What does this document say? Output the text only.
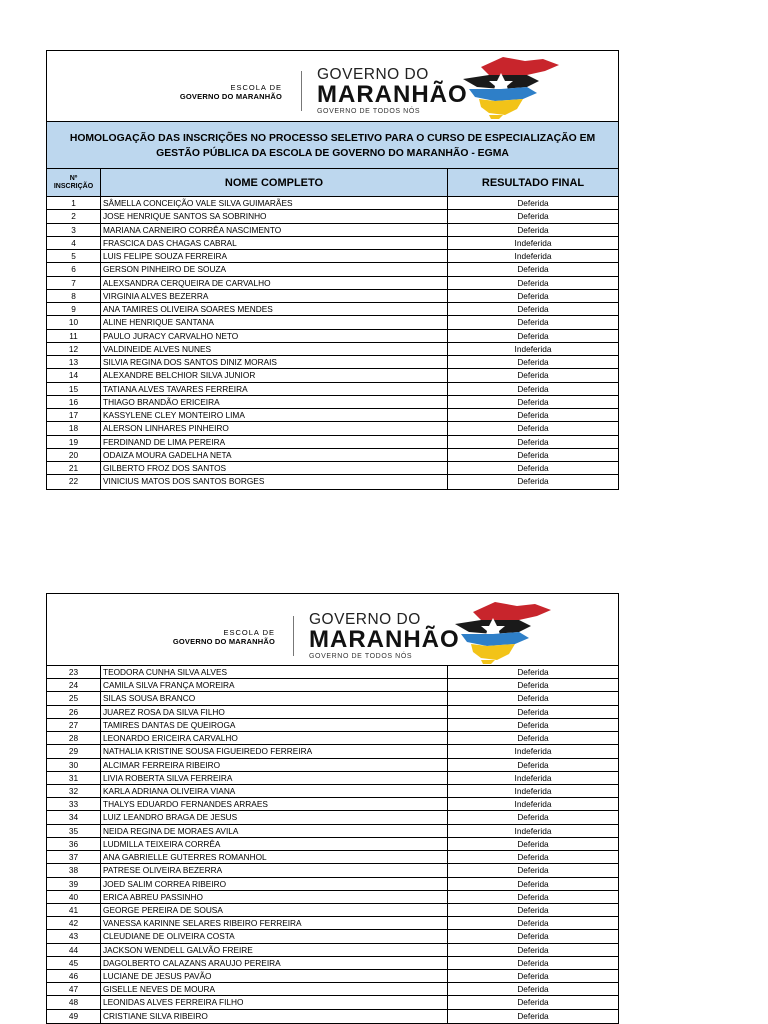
ESCOLA DE
GOVERNO DO MARANHÃO
GOVERNO DO
MARANHÃO
GOVERNO DE TODOS NÓS
HOMOLOGAÇÃO DAS INSCRIÇÕES NO PROCESSO SELETIVO PARA O CURSO DE ESPECIALIZAÇÃO EM
GESTÃO PÚBLICA DA ESCOLA DE GOVERNO DO MARANHÃO - EGMA
Nº
INSCRIÇÃO	NOME COMPLETO	RESULTADO FINAL
1	SÂMELLA CONCEIÇÃO VALE SILVA GUIMARÃES	Deferida
2	JOSE HENRIQUE SANTOS SA SOBRINHO	Deferida
3	MARIANA CARNEIRO CORRÊA NASCIMENTO	Deferida
4	FRASCICA DAS CHAGAS CABRAL	Indeferida
5	LUIS FELIPE SOUZA FERREIRA	Indeferida
6	GERSON PINHEIRO DE SOUZA	Deferida
7	ALEXSANDRA CERQUEIRA DE CARVALHO	Deferida
8	VIRGINIA ALVES BEZERRA	Deferida
9	ANA TAMIRES OLIVEIRA SOARES MENDES	Deferida
10	ALINE HENRIQUE SANTANA	Deferida
11	PAULO JURACY CARVALHO NETO	Deferida
12	VALDINEIDE ALVES NUNES	Indeferida
13	SILVIA REGINA DOS SANTOS DINIZ MORAIS	Deferida
14	ALEXANDRE BELCHIOR SILVA JUNIOR	Deferida
15	TATIANA ALVES TAVARES FERREIRA	Deferida
16	THIAGO BRANDÃO ERICEIRA	Deferida
17	KASSYLENE CLEY MONTEIRO LIMA	Deferida
18	ALERSON LINHARES PINHEIRO	Deferida
19	FERDINAND DE LIMA PEREIRA	Deferida
20	ODAIZA MOURA GADELHA NETA	Deferida
21	GILBERTO FROZ DOS SANTOS	Deferida
22	VINICIUS MATOS DOS SANTOS BORGES	Deferida
ESCOLA DE
GOVERNO DO MARANHÃO
GOVERNO DO
MARANHÃO
GOVERNO DE TODOS NÓS
23	TEODORA CUNHA SILVA ALVES	Deferida
24	CAMILA SILVA FRANÇA MOREIRA	Deferida
25	SILAS SOUSA BRANCO	Deferida
26	JUAREZ ROSA DA SILVA FILHO	Deferida
27	TAMIRES DANTAS DE QUEIROGA	Deferida
28	LEONARDO ERICEIRA CARVALHO	Deferida
29	NATHALIA KRISTINE SOUSA FIGUEIREDO FERREIRA	Indeferida
30	ALCIMAR FERREIRA RIBEIRO	Deferida
31	LIVIA ROBERTA SILVA FERREIRA	Indeferida
32	KARLA ADRIANA OLIVEIRA VIANA	Indeferida
33	THALYS EDUARDO FERNANDES ARRAES	Indeferida
34	LUIZ LEANDRO BRAGA DE JESUS	Deferida
35	NEIDA REGINA DE MORAES AVILA	Indeferida
36	LUDMILLA TEIXEIRA CORRÊA	Deferida
37	ANA GABRIELLE GUTERRES ROMANHOL	Deferida
38	PATRESE OLIVEIRA BEZERRA	Deferida
39	JOED SALIM CORREA RIBEIRO	Deferida
40	ERICA ABREU PASSINHO	Deferida
41	GEORGE PEREIRA DE SOUSA	Deferida
42	VANESSA KARINNE SELARES RIBEIRO FERREIRA	Deferida
43	CLEUDIANE DE OLIVEIRA COSTA	Deferida
44	JACKSON WENDELL GALVÃO FREIRE	Deferida
45	DAGOLBERTO CALAZANS ARAUJO PEREIRA	Deferida
46	LUCIANE DE JESUS PAVÃO	Deferida
47	GISELLE NEVES DE MOURA	Deferida
48	LEONIDAS ALVES FERREIRA FILHO	Deferida
49	CRISTIANE SILVA RIBEIRO	Deferida
